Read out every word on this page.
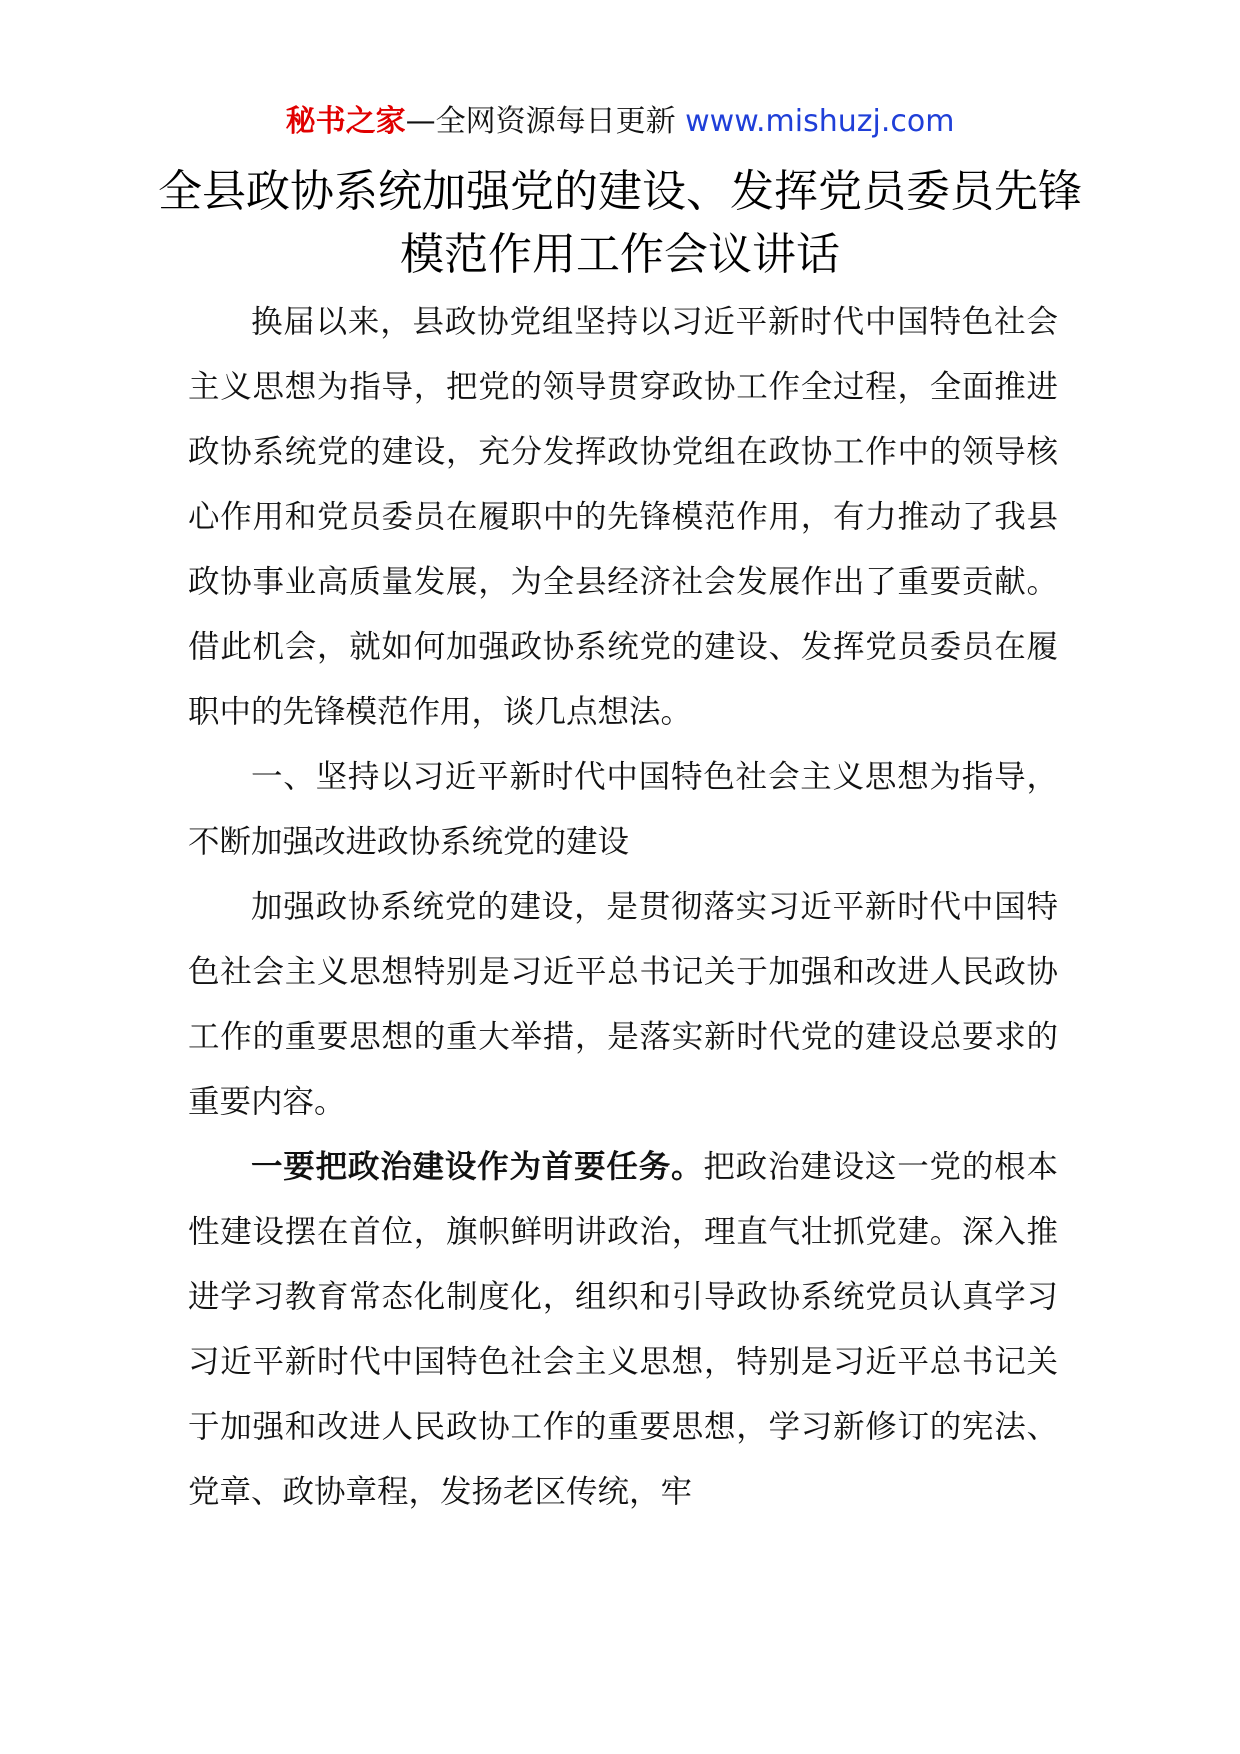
秘书之家—全网资源每日更新 www.mishuzj.com
全县政协系统加强党的建设、发挥党员委员先锋模范作用工作会议讲话

换届以来，县政协党组坚持以习近平新时代中国特色社会主义思想为指导，把党的领导贯穿政协工作全过程，全面推进政协系统党的建设，充分发挥政协党组在政协工作中的领导核心作用和党员委员在履职中的先锋模范作用，有力推动了我县政协事业高质量发展，为全县经济社会发展作出了重要贡献。借此机会，就如何加强政协系统党的建设、发挥党员委员在履职中的先锋模范作用，谈几点想法。

一、坚持以习近平新时代中国特色社会主义思想为指导，不断加强改进政协系统党的建设

加强政协系统党的建设，是贯彻落实习近平新时代中国特色社会主义思想特别是习近平总书记关于加强和改进人民政协工作的重要思想的重大举措，是落实新时代党的建设总要求的重要内容。

一要把政治建设作为首要任务。把政治建设这一党的根本性建设摆在首位，旗帜鲜明讲政治，理直气壮抓党建。深入推进学习教育常态化制度化，组织和引导政协系统党员认真学习习近平新时代中国特色社会主义思想，特别是习近平总书记关于加强和改进人民政协工作的重要思想，学习新修订的宪法、党章、政协章程，发扬老区传统，牢
